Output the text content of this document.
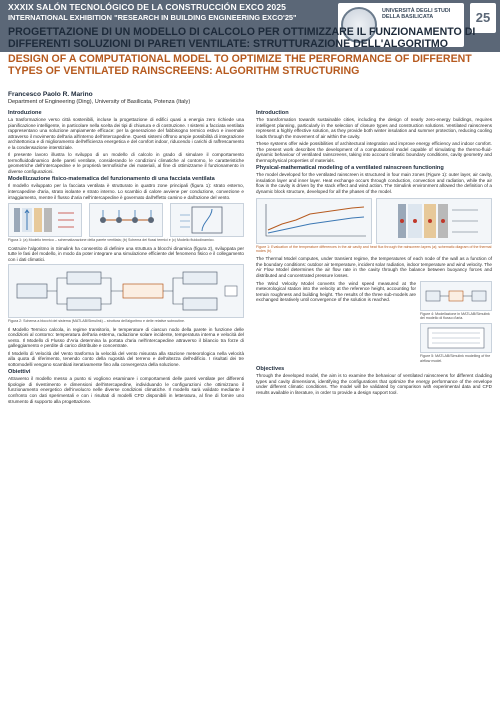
XXXIX SALÓN TECNOLÓGICO DE LA CONSTRUCCIÓN EXCO 2025
INTERNATIONAL EXHIBITION "RESEARCH IN BUILDING ENGINEERING EXCO'25"
UNIVERSITÀ DEGLI STUDI DELLA BASILICATA	25
PROGETTAZIONE DI UN MODELLO DI CALCOLO PER OTTIMIZZARE IL FUNZIONAMENTO DI DIFFERENTI SOLUZIONI DI PARETI VENTILATE: STRUTTURAZIONE DELL'ALGORITMO
DESIGN OF A COMPUTATIONAL MODEL TO OPTIMIZE THE PERFORMANCE OF DIFFERENT TYPES OF VENTILATED RAINSCREENS: ALGORITHM STRUCTURING
Francesco Paolo R. Marino
Department of Engineering (Ding), University of Basilicata, Potenza (Italy)
Introduzione
La trasformazione verso città sostenibili, incluse la progettazione di edifici quasi a energia zero richiede una pianificazione intelligente, in particolare nella scelta dei tipi di chiusura e di costruzione. I sistemi a facciata ventilata rappresentano una soluzione ampiamente efficace: per la generazione del fabbisogno termico estivo e invernale attraverso il movimento dell'aria all'interno dell'intercapedine. Questi sistemi offrono ampie possibilità di integrazione architettonica e di miglioramento dell'efficienza energetica e del comfort indoor, riducendo i carichi di raffrescamento e la condensazione interstiziale.
Il presente lavoro illustra lo sviluppo di un modello di calcolo in grado di simulare il comportamento termofluidodinamico delle pareti ventilate, considerando le condizioni climatiche al contorno, le caratteristiche geometriche dell'intercapedine e le proprietà termofisiche dei materiali, al fine di ottimizzarne il funzionamento in diverse configurazioni.
Modellizzazione fisico-matematica del funzionamento di una facciata ventilata
Il modello sviluppato per la facciata ventilata è strutturato in quattro zone principali (figura 1): strato esterno, intercapedine d'aria, strato isolante e strato interno. Lo scambio di calore avviene per conduzione, convezione e irraggiamento, mentre il flusso d'aria nell'intercapedine è governato dall'effetto camino e dall'azione del vento.
Figura 1: (a) Modello termico – schematizzazione della parete ventilata; (b) Schema dei flussi termici e (c) Modello fluidodinamico.
Costruire l'algoritmo in Simulink ha consentito di definire una struttura a blocchi dinamica (figura 2), sviluppata per tutte le fasi del modello, in modo da poter integrare una simulazione efficiente del fenomeno fisico e il collegamento con i dati climatici.
Figura 2: Schema a blocchi del sistema (MATLAB/Simulink) – struttura dell'algoritmo e delle relative subroutine.
Il Modello Termico calcola, in regime transitorio, le temperature di ciascun nodo della parete in funzione delle condizioni al contorno: temperatura dell'aria esterna, radiazione solare incidente, temperatura interna e velocità del vento. Il Modello di Flusso d'Aria determina la portata d'aria nell'intercapedine attraverso il bilancio tra forze di galleggiamento e perdite di carico distribuite e concentrate.
Il Modello di Velocità del Vento trasforma la velocità del vento misurata alla stazione meteorologica nella velocità alla quota di riferimento, tenendo conto della rugosità del terreno e dell'altezza dell'edificio. I risultati dei tre sottomodelli vengono scambiati iterativamente fino alla convergenza della soluzione.
Obiettivi
Attraverso il modello messo a punto si vogliono esaminare i comportamenti delle pareti ventilate per differenti tipologie di rivestimento e dimensioni dell'intercapedine, individuando le configurazioni che ottimizzano il funzionamento energetico dell'involucro nelle diverse condizioni climatiche. Il modello sarà validato mediante il confronto con dati sperimentali e con i risultati di modelli CFD disponibili in letteratura, al fine di fornire uno strumento di supporto alla progettazione.
Introduction
The transformation towards sustainable cities, including the design of nearly zero-energy buildings, requires intelligent planning, particularly in the selection of closure types and construction solutions. Ventilated rainscreens represent a highly effective solution, as they provide both winter insulation and summer protection, reducing cooling loads through the movement of air within the cavity.
These systems offer wide possibilities of architectural integration and improve energy efficiency and indoor comfort. The present work describes the development of a computational model capable of simulating the thermo-fluid-dynamic behaviour of ventilated rainscreens, taking into account climatic boundary conditions, cavity geometry and thermophysical properties of materials.
Physical-mathematical modeling of a ventilated rainscreen functioning
The model developed for the ventilated rainscreen is structured in four main zones (Figure 1): outer layer, air cavity, insulation layer and inner layer. Heat exchange occurs through conduction, convection and radiation, while the air flow in the cavity is driven by the stack effect and wind action. The Simulink environment allowed the definition of a dynamic block structure, developed for all the phases of the model.
Figure 1: Evaluation of the temperature differences in the air cavity and heat flux through the rainscreen layers (a); schematic diagram of the thermal nodes (b).
The Thermal Model computes, under transient regime, the temperatures of each node of the wall as a function of the boundary conditions: outdoor air temperature, incident solar radiation, indoor temperature and wind velocity. The Air Flow Model determines the air flow rate in the cavity through the balance between buoyancy forces and distributed and concentrated pressure losses.
The Wind Velocity Model converts the wind speed measured at the meteorological station into the velocity at the reference height, accounting for terrain roughness and building height. The results of the three sub-models are exchanged iteratively until convergence of the solution is reached.
Figure 4: Modellazione in MATLAB/Simulink del modello di flusso d'aria.
Figure 5: MATLAB/Simulink modelling of the airflow model.
Objectives
Through the developed model, the aim is to examine the behaviour of ventilated rainscreens for different cladding types and cavity dimensions, identifying the configurations that optimize the energy performance of the envelope under different climatic conditions. The model will be validated by comparison with experimental data and CFD results available in literature, in order to provide a design support tool.
